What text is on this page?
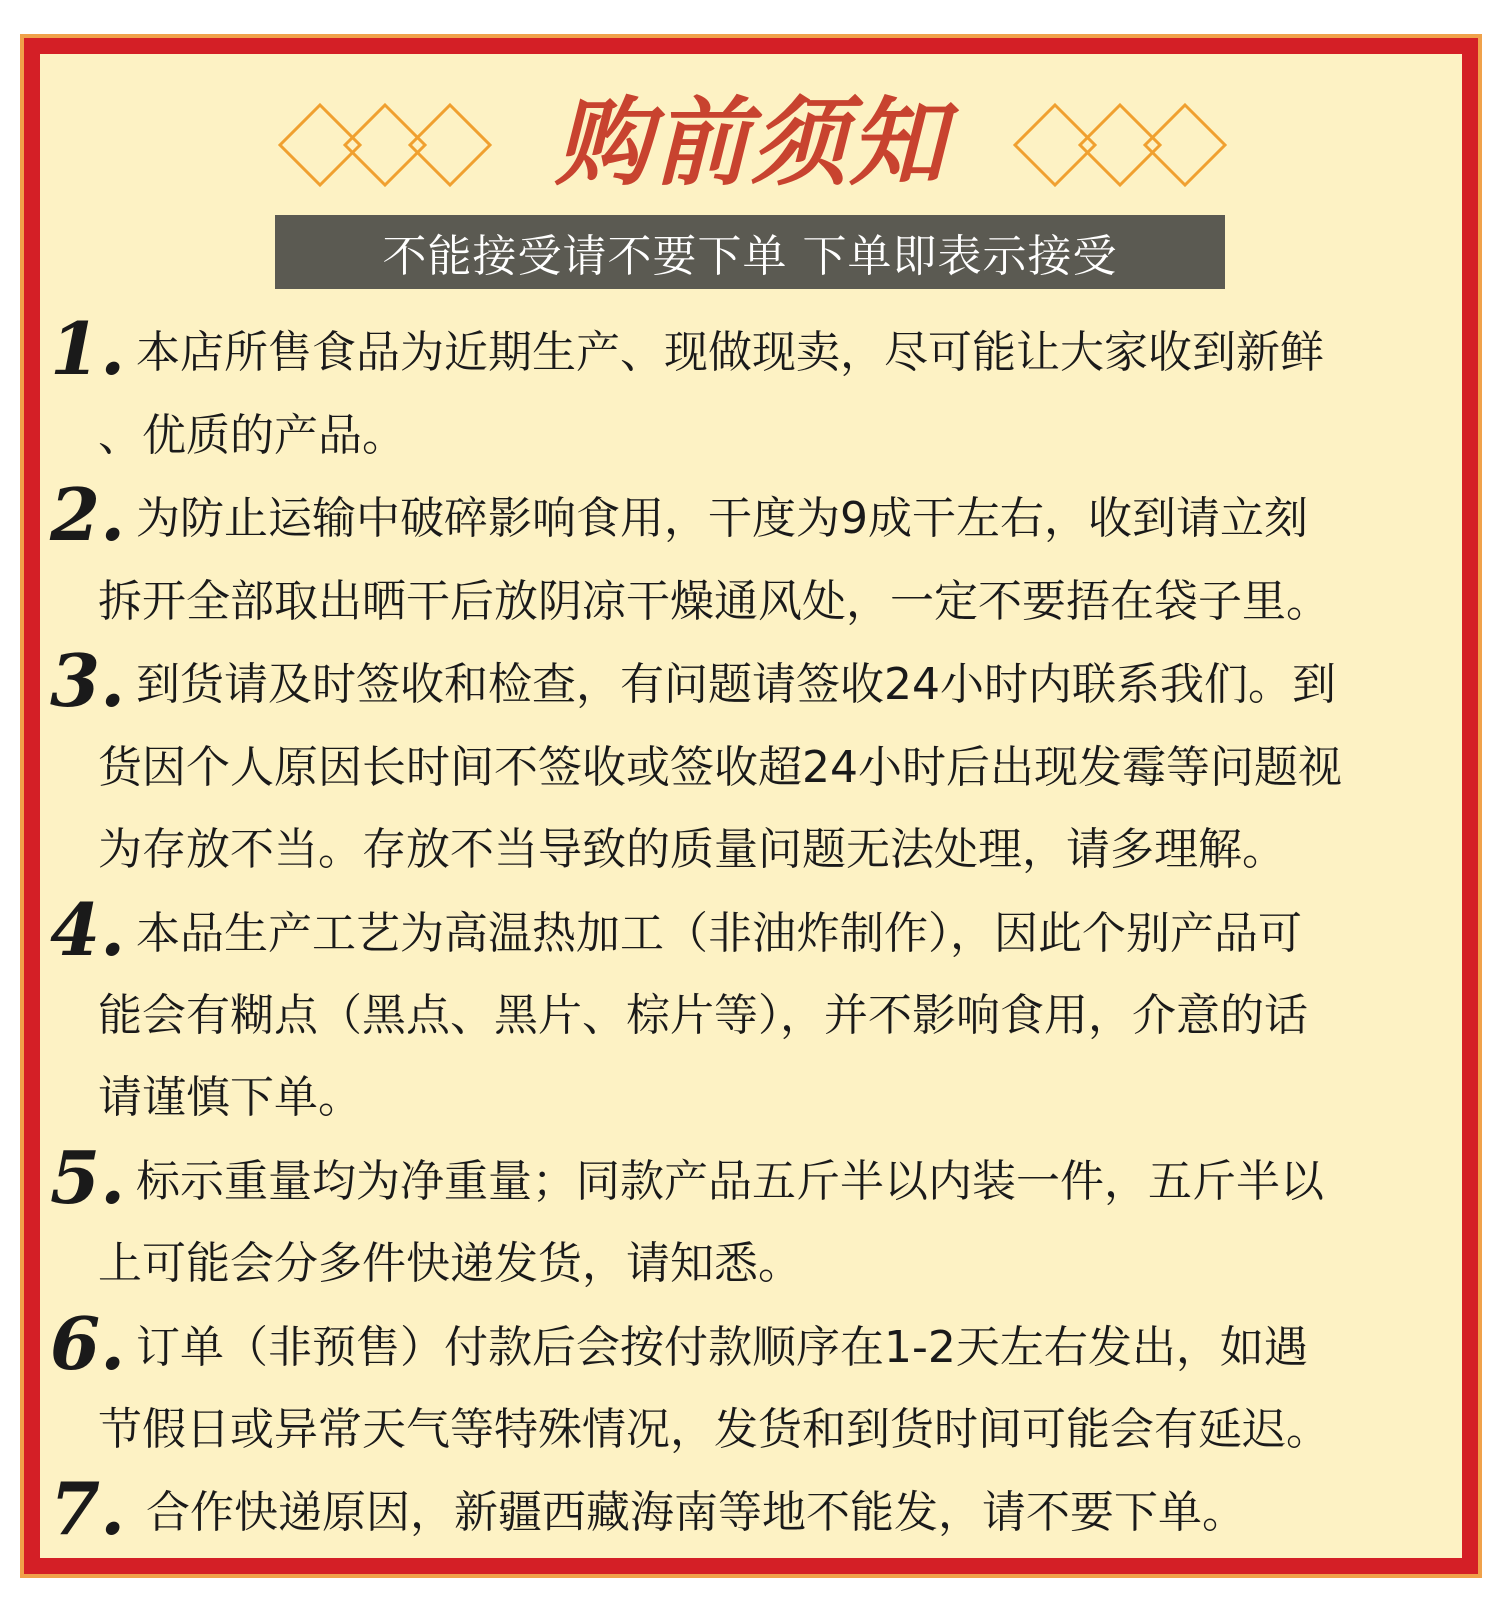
购前须知
不能接受请不要下单 下单即表示接受
1. 本店所售食品为近期生产、现做现卖，尽可能让大家收到新鲜
、优质的产品。
2. 为防止运输中破碎影响食用，干度为9成干左右，收到请立刻
拆开全部取出晒干后放阴凉干燥通风处，一定不要捂在袋子里。
3. 到货请及时签收和检查，有问题请签收24小时内联系我们。到
货因个人原因长时间不签收或签收超24小时后出现发霉等问题视
为存放不当。存放不当导致的质量问题无法处理，请多理解。
4. 本品生产工艺为高温热加工（非油炸制作），因此个别产品可
能会有糊点（黑点、黑片、棕片等），并不影响食用，介意的话
请谨慎下单。
5. 标示重量均为净重量；同款产品五斤半以内装一件，五斤半以
上可能会分多件快递发货，请知悉。
6. 订单（非预售）付款后会按付款顺序在1-2天左右发出，如遇
节假日或异常天气等特殊情况，发货和到货时间可能会有延迟。
7. 合作快递原因，新疆西藏海南等地不能发，请不要下单。
